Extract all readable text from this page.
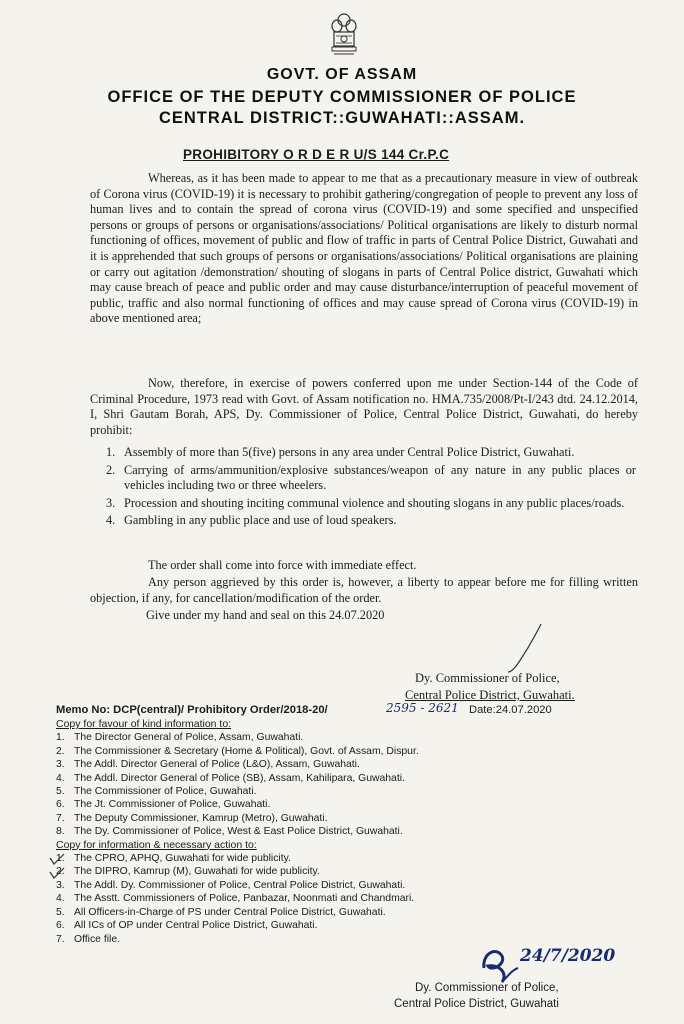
GOVT. OF ASSAM
OFFICE OF THE DEPUTY COMMISSIONER OF POLICE
CENTRAL DISTRICT::GUWAHATI::ASSAM.
PROHIBITORY O R D E R U/S 144 Cr.P.C
Whereas, as it has been made to appear to me that as a precautionary measure in view of outbreak of Corona virus (COVID-19) it is necessary to prohibit gathering/congregation of people to prevent any loss of human lives and to contain the spread of corona virus (COVID-19) and some specified and unspecified persons or groups of persons or organisations/associations/ Political organisations are likely to disturb normal functioning of offices, movement of public and flow of traffic in parts of Central Police District, Guwahati and it is apprehended that such groups of persons or organisations/associations/ Political organisations are plaining or carry out agitation /demonstration/ shouting of slogans in parts of Central Police district, Guwahati which may cause breach of peace and public order and may cause disturbance/interruption of peaceful movement of public, traffic and also normal functioning of offices and may cause spread of Corona virus (COVID-19) in above mentioned area;
Now, therefore, in exercise of powers conferred upon me under Section-144 of the Code of Criminal Procedure, 1973 read with Govt. of Assam notification no. HMA.735/2008/Pt-I/243 dtd. 24.12.2014, I, Shri Gautam Borah, APS, Dy. Commissioner of Police, Central Police District, Guwahati, do hereby prohibit:
1. Assembly of more than 5(five) persons in any area under Central Police District, Guwahati.
2. Carrying of arms/ammunition/explosive substances/weapon of any nature in any public places or vehicles including two or three wheelers.
3. Procession and shouting inciting communal violence and shouting slogans in any public places/roads.
4. Gambling in any public place and use of loud speakers.
The order shall come into force with immediate effect.
Any person aggrieved by this order is, however, a liberty to appear before me for filling written objection, if any, for cancellation/modification of the order.
Give under my hand and seal on this 24.07.2020
Dy. Commissioner of Police,
Central Police District, Guwahati.
Memo No: DCP(central)/ Prohibitory Order/2018-20/	2595 - 2621 Date:24.07.2020
Copy for favour of kind information to:
1. The Director General of Police, Assam, Guwahati.
2. The Commissioner & Secretary (Home & Political), Govt. of Assam, Dispur.
3. The Addl. Director General of Police (L&O), Assam, Guwahati.
4. The Addl. Director General of Police (SB), Assam, Kahilipara, Guwahati.
5. The Commissioner of Police, Guwahati.
6. The Jt. Commissioner of Police, Guwahati.
7. The Deputy Commissioner, Kamrup (Metro), Guwahati.
8. The Dy. Commissioner of Police, West & East Police District, Guwahati.
Copy for information & necessary action to:
1. The CPRO, APHQ, Guwahati for wide publicity.
2. The DIPRO, Kamrup (M), Guwahati for wide publicity.
3. The Addl. Dy. Commissioner of Police, Central Police District, Guwahati.
4. The Asstt. Commissioners of Police, Panbazar, Noonmati and Chandmari.
5. All Officers-in-Charge of PS under Central Police District, Guwahati.
6. All ICs of OP under Central Police District, Guwahati.
7. Office file.
24/7/2020
Dy. Commissioner of Police,
Central Police District, Guwahati
